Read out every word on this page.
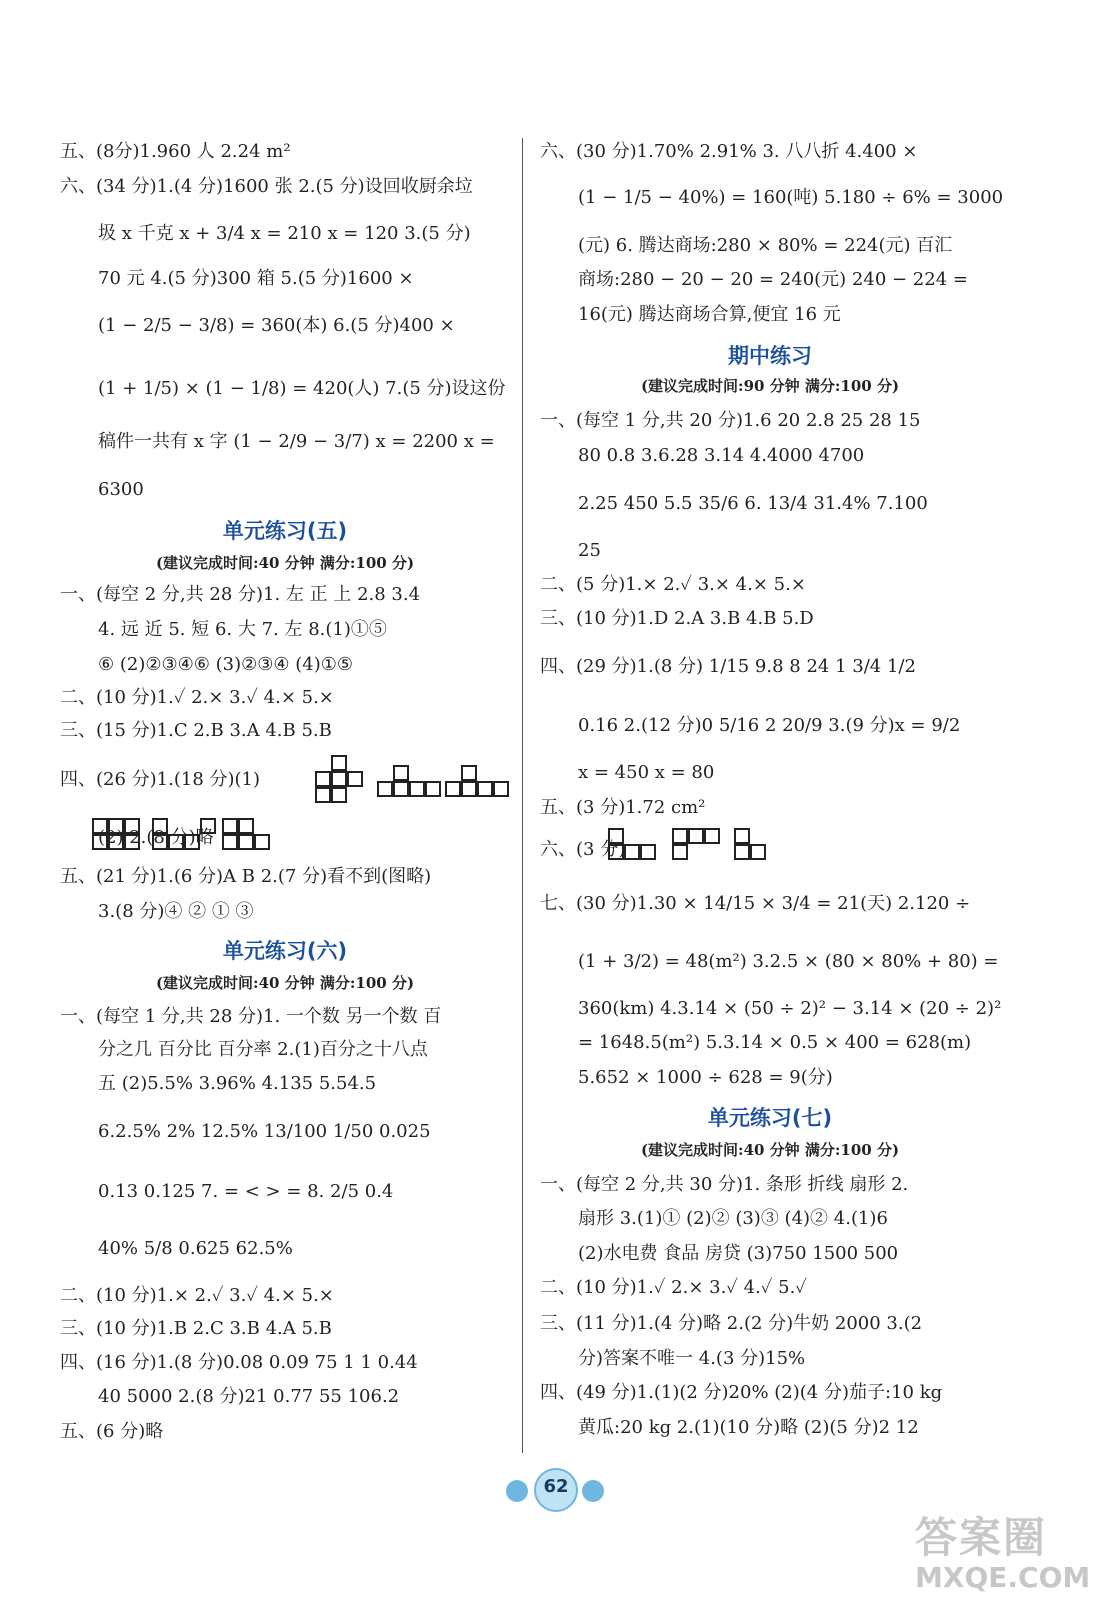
五、(8分)1.960 人 2.24 m²
六、(34 分)1.(4 分)1600 张 2.(5 分)设回收厨余垃
圾 x 千克 x + 3/4 x = 210 x = 120 3.(5 分)
70 元 4.(5 分)300 箱 5.(5 分)1600 ×
(1 − 2/5 − 3/8) = 360(本) 6.(5 分)400 ×
(1 + 1/5) × (1 − 1/8) = 420(人) 7.(5 分)设这份
稿件一共有 x 字 (1 − 2/9 − 3/7) x = 2200 x =
6300
单元练习(五)
(建议完成时间:40 分钟 满分:100 分)
一、(每空 2 分,共 28 分)1. 左 正 上 2.8 3.4
4. 远 近 5. 短 6. 大 7. 左 8.(1)①⑤
⑥ (2)②③④⑥ (3)②③④ (4)①⑤
二、(10 分)1.✓ 2.× 3.✓ 4.× 5.×
三、(15 分)1.C 2.B 3.A 4.B 5.B
四、(26 分)1.(18 分)(1)
(2) 2.(8 分)略
五、(21 分)1.(6 分)A B 2.(7 分)看不到(图略)
3.(8 分)④ ② ① ③
单元练习(六)
(建议完成时间:40 分钟 满分:100 分)
一、(每空 1 分,共 28 分)1. 一个数 另一个数 百
分之几 百分比 百分率 2.(1)百分之十八点
五 (2)5.5% 3.96% 4.135 5.54.5
6.2.5% 2% 12.5% 13/100 1/50 0.025
0.13 0.125 7. = < > = 8. 2/5 0.4
40% 5/8 0.625 62.5%
二、(10 分)1.× 2.✓ 3.✓ 4.× 5.×
三、(10 分)1.B 2.C 3.B 4.A 5.B
四、(16 分)1.(8 分)0.08 0.09 75 1 1 0.44
40 5000 2.(8 分)21 0.77 55 106.2
五、(6 分)略
六、(30 分)1.70% 2.91% 3. 八八折 4.400 ×
(1 − 1/5 − 40%) = 160(吨) 5.180 ÷ 6% = 3000
(元) 6. 腾达商场:280 × 80% = 224(元) 百汇
商场:280 − 20 − 20 = 240(元) 240 − 224 =
16(元) 腾达商场合算,便宜 16 元
期中练习
(建议完成时间:90 分钟 满分:100 分)
一、(每空 1 分,共 20 分)1.6 20 2.8 25 28 15
80 0.8 3.6.28 3.14 4.4000 4700
2.25 450 5.5 35/6 6. 13/4 31.4% 7.100
25
二、(5 分)1.× 2.✓ 3.× 4.× 5.×
三、(10 分)1.D 2.A 3.B 4.B 5.D
四、(29 分)1.(8 分) 1/15 9.8 8 24 1 3/4 1/2
0.16 2.(12 分)0 5/16 2 20/9 3.(9 分)x = 9/2
x = 450 x = 80
五、(3 分)1.72 cm²
六、(3 分)
七、(30 分)1.30 × 14/15 × 3/4 = 21(天) 2.120 ÷
(1 + 3/2) = 48(m²) 3.2.5 × (80 × 80% + 80) =
360(km) 4.3.14 × (50 ÷ 2)² − 3.14 × (20 ÷ 2)²
= 1648.5(m²) 5.3.14 × 0.5 × 400 = 628(m)
5.652 × 1000 ÷ 628 = 9(分)
单元练习(七)
(建议完成时间:40 分钟 满分:100 分)
一、(每空 2 分,共 30 分)1. 条形 折线 扇形 2.
扇形 3.(1)① (2)② (3)③ (4)② 4.(1)6
(2)水电费 食品 房贷 (3)750 1500 500
二、(10 分)1.✓ 2.× 3.✓ 4.✓ 5.✓
三、(11 分)1.(4 分)略 2.(2 分)牛奶 2000 3.(2
分)答案不唯一 4.(3 分)15%
四、(49 分)1.(1)(2 分)20% (2)(4 分)茄子:10 kg
黄瓜:20 kg 2.(1)(10 分)略 (2)(5 分)2 12
62
答案圈
MXQE.COM
